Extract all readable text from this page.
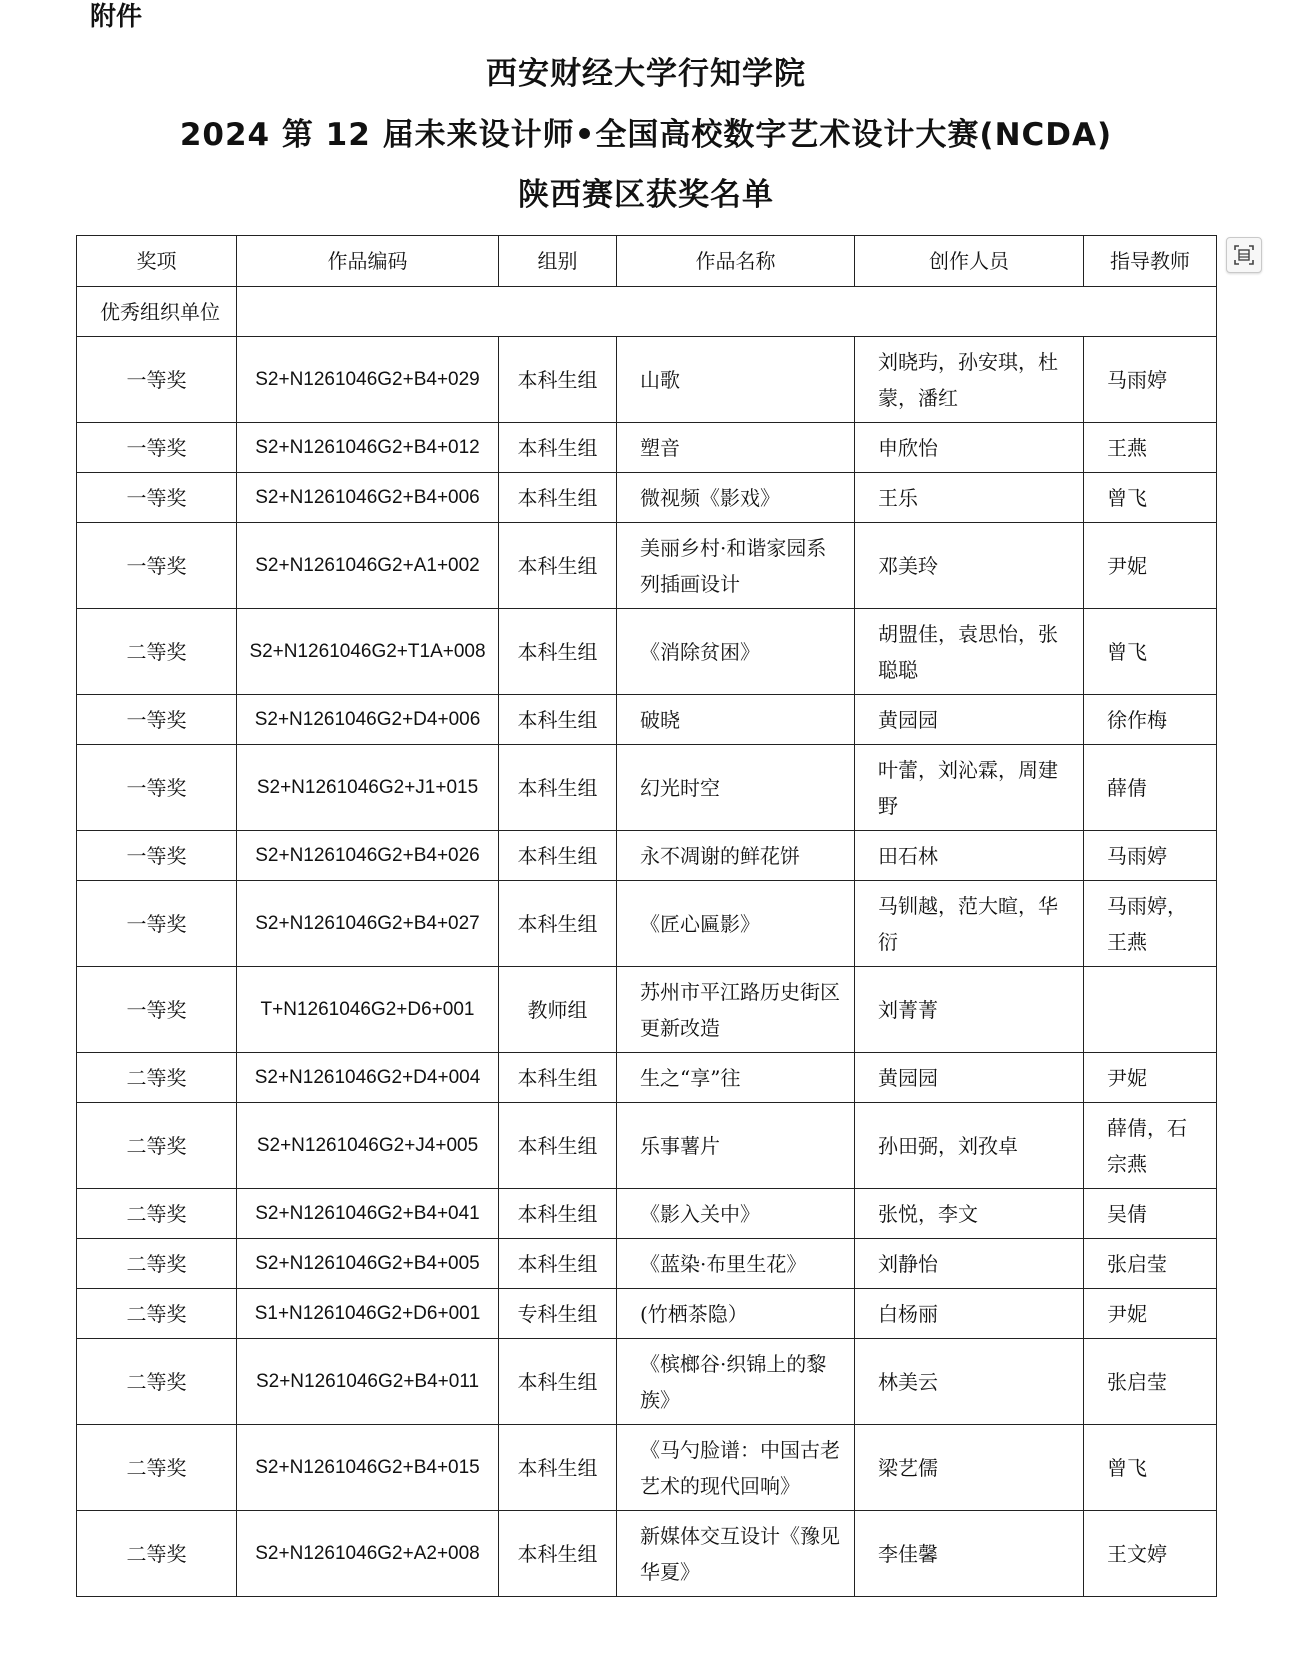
附件
西安财经大学行知学院
2024 第 12 届未来设计师•全国高校数字艺术设计大赛(NCDA)
陕西赛区获奖名单
奖项	作品编码	组别	作品名称	创作人员	指导教师
优秀组织单位					
一等奖	S2+N1261046G2+B4+029	本科生组	山歌	刘晓玙，孙安琪，杜蒙，潘红	马雨婷
一等奖	S2+N1261046G2+B4+012	本科生组	塑音	申欣怡	王燕
一等奖	S2+N1261046G2+B4+006	本科生组	微视频《影戏》	王乐	曾飞
一等奖	S2+N1261046G2+A1+002	本科生组	美丽乡村·和谐家园系列插画设计	邓美玲	尹妮
二等奖	S2+N1261046G2+T1A+008	本科生组	《消除贫困》	胡盟佳，袁思怡，张聪聪	曾飞
一等奖	S2+N1261046G2+D4+006	本科生组	破晓	黄园园	徐作梅
一等奖	S2+N1261046G2+J1+015	本科生组	幻光时空	叶蕾，刘沁霖，周建野	薛倩
一等奖	S2+N1261046G2+B4+026	本科生组	永不凋谢的鲜花饼	田石林	马雨婷
一等奖	S2+N1261046G2+B4+027	本科生组	《匠心匾影》	马钏越，范大暄，华衍	马雨婷，王燕
一等奖	T+N1261046G2+D6+001	教师组	苏州市平江路历史街区更新改造	刘菁菁	
二等奖	S2+N1261046G2+D4+004	本科生组	生之“享”往	黄园园	尹妮
二等奖	S2+N1261046G2+J4+005	本科生组	乐事薯片	孙田弼，刘孜卓	薛倩，石宗燕
二等奖	S2+N1261046G2+B4+041	本科生组	《影入关中》	张悦，李文	吴倩
二等奖	S2+N1261046G2+B4+005	本科生组	《蓝染·布里生花》	刘静怡	张启莹
二等奖	S1+N1261046G2+D6+001	专科生组	(竹栖茶隐）	白杨丽	尹妮
二等奖	S2+N1261046G2+B4+011	本科生组	《槟榔谷·织锦上的黎族》	林美云	张启莹
二等奖	S2+N1261046G2+B4+015	本科生组	《马勺脸谱：中国古老艺术的现代回响》	梁艺儒	曾飞
二等奖	S2+N1261046G2+A2+008	本科生组	新媒体交互设计《豫见华夏》	李佳馨	王文婷
